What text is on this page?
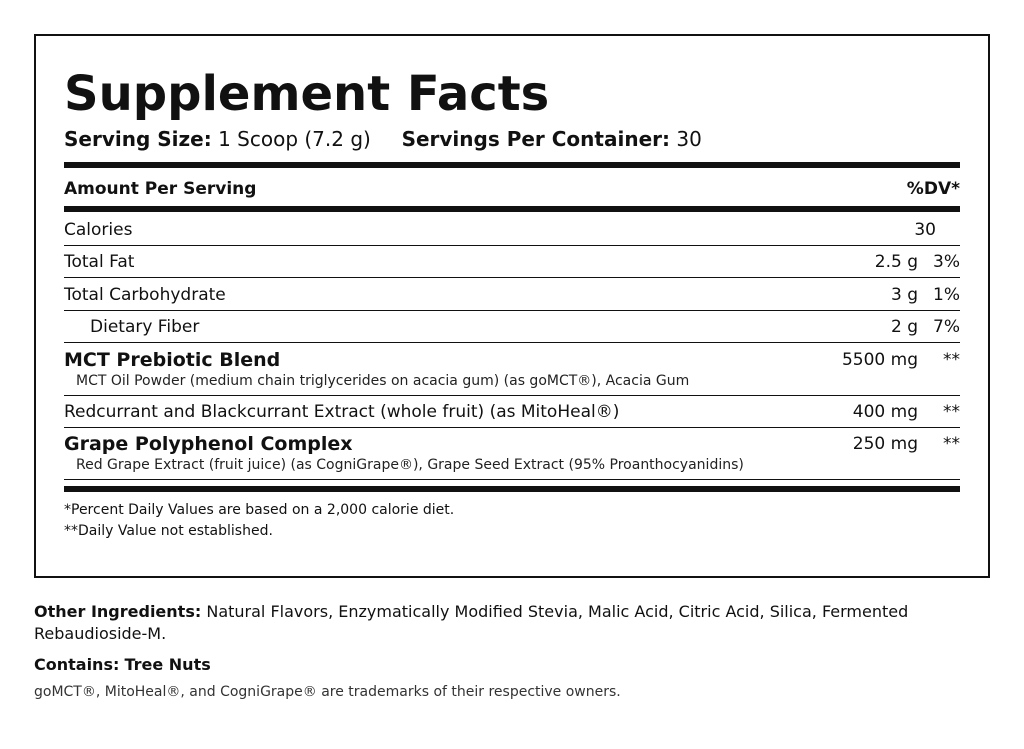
Supplement Facts
Serving Size: 1 Scoop (7.2 g) Servings Per Container: 30
Amount Per Serving	%DV*
Calories	30
Total Fat	2.5 g 3%
Total Carbohydrate	3 g 1%
Dietary Fiber	2 g 7%
MCT Prebiotic Blend	5500 mg **
MCT Oil Powder (medium chain triglycerides on acacia gum) (as goMCT®), Acacia Gum
Redcurrant and Blackcurrant Extract (whole fruit) (as MitoHeal®)	400 mg **
Grape Polyphenol Complex	250 mg **
Red Grape Extract (fruit juice) (as CogniGrape®), Grape Seed Extract (95% Proanthocyanidins)
*Percent Daily Values are based on a 2,000 calorie diet.
**Daily Value not established.
Other Ingredients: Natural Flavors, Enzymatically Modified Stevia, Malic Acid, Citric Acid, Silica, Fermented Rebaudioside-M.
Contains: Tree Nuts
goMCT®, MitoHeal®, and CogniGrape® are trademarks of their respective owners.
